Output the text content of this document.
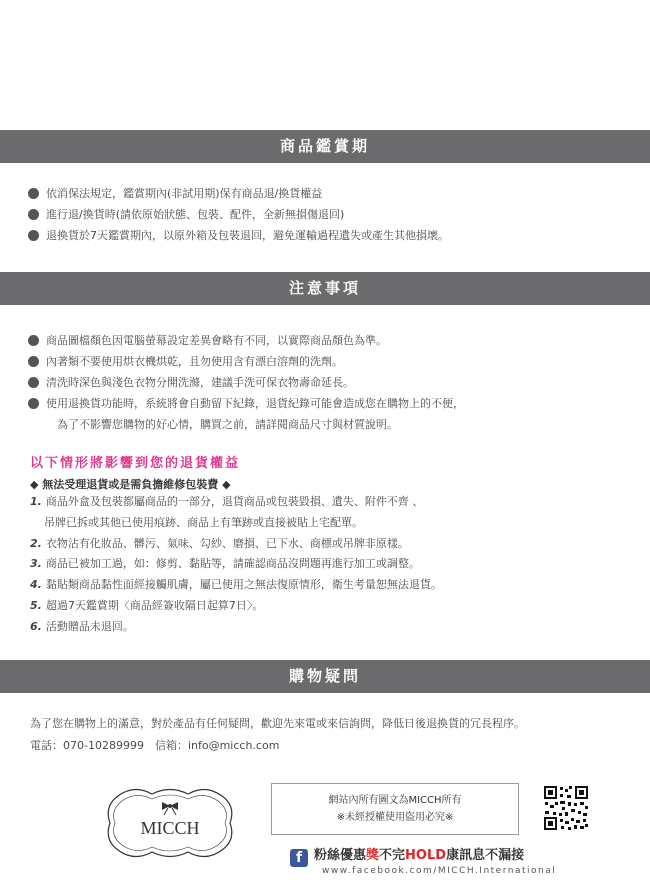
商品鑑賞期
依消保法規定，鑑賞期內(非試用期)保有商品退/換貨權益
進行退/換貨時(請依原始狀態、包裝、配件，全新無損傷退回)
退換貨於7天鑑賞期內，以原外箱及包裝退回，避免運輸過程遺失或產生其他損壞。
注意事項
商品圖檔顏色因電腦螢幕設定差異會略有不同，以實際商品顏色為準。
內著類不要使用烘衣機烘乾，且勿使用含有漂白溶劑的洗劑。
清洗時深色與淺色衣物分開洗滌，建議手洗可保衣物壽命延長。
使用退換貨功能時，系統將會自動留下紀錄，退貨紀錄可能會造成您在購物上的不便，
為了不影響您購物的好心情，購買之前，請詳閱商品尺寸與材質說明。
以下情形將影響到您的退貨權益
◆ 無法受理退貨或是需負擔維修包裝費 ◆
1. 商品外盒及包裝都屬商品的一部分，退貨商品或包裝毀損、遺失、附件不齊 、
吊牌已拆或其他已使用痕跡、商品上有筆跡或直接被貼上宅配單。
2. 衣物沾有化妝品、髒污、氣味、勾紗、磨損、已下水、商標或吊牌非原樣。
3. 商品已被加工過，如：修剪、黏貼等，請確認商品沒問題再進行加工或調整。
4. 黏貼類商品黏性面經接觸肌膚，屬已使用之無法復原情形，衛生考量恕無法退貨。
5. 超過7天鑑賞期〈商品經簽收隔日起算7日〉。
6. 活動贈品未退回。
購物疑問
為了您在購物上的滿意，對於產品有任何疑問，歡迎先來電或來信詢問，降低日後退換貨的冗長程序。
電話：070-10289999　信箱：info@micch.com
MICCH
網站內所有圖文為MICCH所有
※未經授權使用盜用必究※
f 粉絲優惠獎不完HOLD康訊息不漏接
www.facebook.com/MICCH.International
